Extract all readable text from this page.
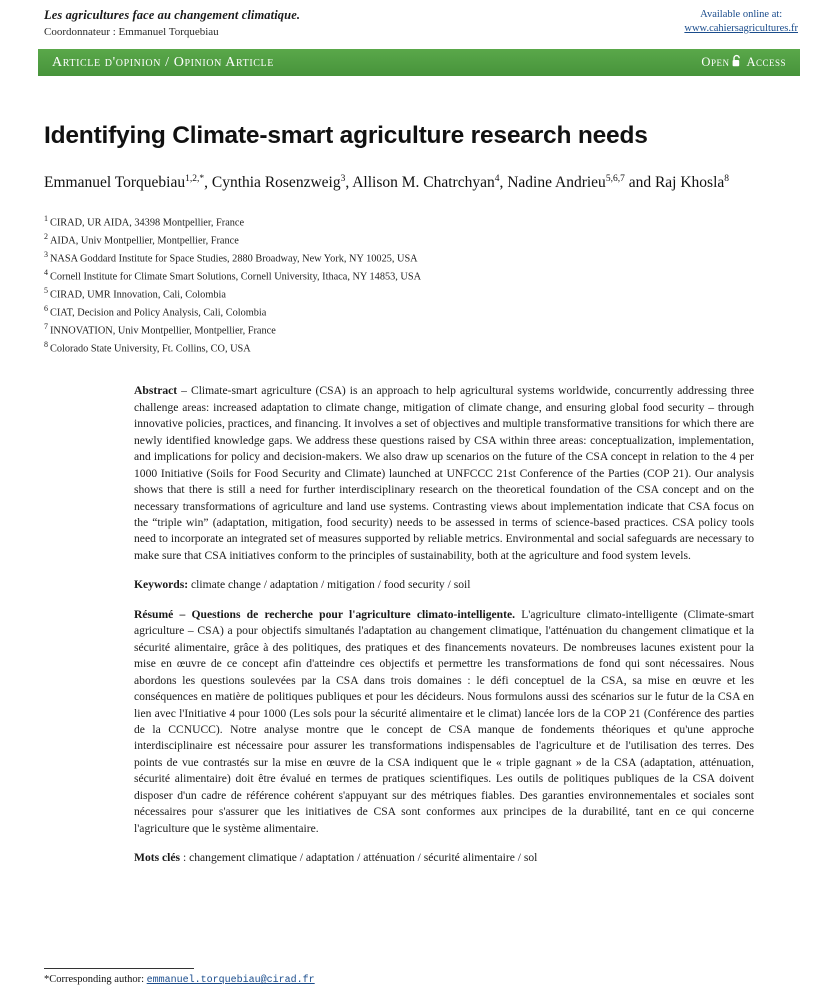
Les agricultures face au changement climatique.
Coordonnateur : Emmanuel Torquebiau
Available online at:
www.cahiersagricultures.fr
Article d'opinion / Opinion Article	Open Access
Identifying Climate-smart agriculture research needs
Emmanuel Torquebiau$^{1,2,*}$, Cynthia Rosenzweig$^3$, Allison M. Chatrchyan$^4$, Nadine Andrieu$^{5,6,7}$ and Raj Khosla$^8$
$^1$ CIRAD, UR AIDA, 34398 Montpellier, France
$^2$ AIDA, Univ Montpellier, Montpellier, France
$^3$ NASA Goddard Institute for Space Studies, 2880 Broadway, New York, NY 10025, USA
$^4$ Cornell Institute for Climate Smart Solutions, Cornell University, Ithaca, NY 14853, USA
$^5$ CIRAD, UMR Innovation, Cali, Colombia
$^6$ CIAT, Decision and Policy Analysis, Cali, Colombia
$^7$ INNOVATION, Univ Montpellier, Montpellier, France
$^8$ Colorado State University, Ft. Collins, CO, USA

Abstract – Climate-smart agriculture (CSA) is an approach to help agricultural systems worldwide, concurrently addressing three challenge areas: increased adaptation to climate change, mitigation of climate change, and ensuring global food security – through innovative policies, practices, and financing. It involves a set of objectives and multiple transformative transitions for which there are newly identified knowledge gaps. We address these questions raised by CSA within three areas: conceptualization, implementation, and implications for policy and decision-makers. We also draw up scenarios on the future of the CSA concept in relation to the 4 per 1000 Initiative (Soils for Food Security and Climate) launched at UNFCCC 21st Conference of the Parties (COP 21). Our analysis shows that there is still a need for further interdisciplinary research on the theoretical foundation of the CSA concept and on the necessary transformations of agriculture and land use systems. Contrasting views about implementation indicate that CSA focus on the “triple win” (adaptation, mitigation, food security) needs to be assessed in terms of science-based practices. CSA policy tools need to incorporate an integrated set of measures supported by reliable metrics. Environmental and social safeguards are necessary to make sure that CSA initiatives conform to the principles of sustainability, both at the agriculture and food system levels.

Keywords: climate change / adaptation / mitigation / food security / soil

Résumé – Questions de recherche pour l'agriculture climato-intelligente. L'agriculture climato-intelligente (Climate-smart agriculture – CSA) a pour objectifs simultanés l'adaptation au changement climatique, l'atténuation du changement climatique et la sécurité alimentaire, grâce à des politiques, des pratiques et des financements novateurs. De nombreuses lacunes existent pour la mise en œuvre de ce concept afin d'atteindre ces objectifs et permettre les transformations de fond qui sont nécessaires. Nous abordons les questions soulevées par la CSA dans trois domaines : le défi conceptuel de la CSA, sa mise en œuvre et les conséquences en matière de politiques publiques et pour les décideurs. Nous formulons aussi des scénarios sur le futur de la CSA en lien avec l'Initiative 4 pour 1000 (Les sols pour la sécurité alimentaire et le climat) lancée lors de la COP 21 (Conférence des parties de la CCNUCC). Notre analyse montre que le concept de CSA manque de fondements théoriques et qu'une approche interdisciplinaire est nécessaire pour assurer les transformations indispensables de l'agriculture et de l'utilisation des terres. Des points de vue contrastés sur la mise en œuvre de la CSA indiquent que le « triple gagnant » de la CSA (adaptation, atténuation, sécurité alimentaire) doit être évalué en termes de pratiques scientifiques. Les outils de politiques publiques de la CSA doivent disposer d'un cadre de référence cohérent s'appuyant sur des métriques fiables. Des garanties environnementales et sociales sont nécessaires pour s'assurer que les initiatives de CSA sont conformes aux principes de la durabilité, tant en ce qui concerne l'agriculture que le système alimentaire.

Mots clés : changement climatique / adaptation / atténuation / sécurité alimentaire / sol

*Corresponding author: emmanuel.torquebiau@cirad.fr
